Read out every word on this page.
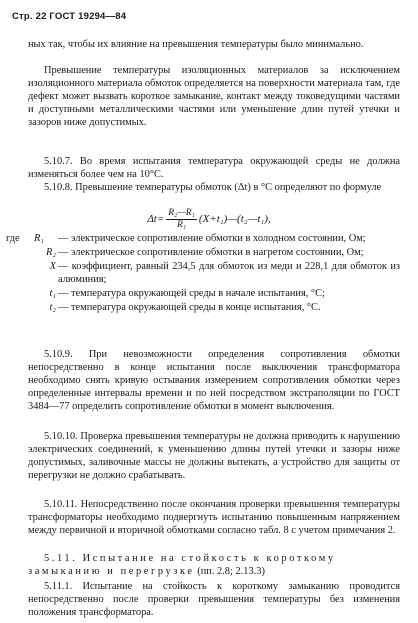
Стр. 22 ГОСТ 19294—84

ных так, чтобы их влияние на превышения температуры было минимально.

Превышение температуры изоляционных материалов за исключением изоляционного материала обмоток определяется на поверхности материала там, где дефект может вызвать короткое замыкание, контакт между токоведущими частями и доступными металлическими частями или уменьшение длин путей утечки и зазоров ниже допустимых.

5.10.7. Во время испытания температура окружающей среды не должна изменяться более чем на 10°С.

5.10.8. Превышение температуры обмоток (Δt) в °С определяют по формуле

$\Delta t= \frac{\text{R₂—R₁}}{\text{R₁}}$ (X+t₁)—(t₂—t₁),
где	R₁	— электрическое сопротивление обмотки в холодном состоянии, Ом;
R₂ — электрическое сопротивление обмотки в нагретом состоянии, Ом;
X — коэффициент, равный 234,5 для обмоток из меди и 228,1 для обмоток из алюминия;
t₁ — температура окружающей среды в начале испытания, °С;
t₂ — температура окружающей среды в конце испытания, °С.

5.10.9. При невозможности определения сопротивления обмотки непосредственно в конце испытания после выключения трансформатора необходимо снять кривую остывания измерением сопротивления обмотки через определенные интервалы времени и по ней посредством экстраполяции по ГОСТ 3484—77 определить сопротивление обмотки в момент выключения.

5.10.10. Проверка превышения температуры не должна приводить к нарушению электрических соединений, к уменьшению длины путей утечки и зазоры ниже допустимых, заливочные массы не должны вытекать, а устройство для защиты от перегрузки не должно срабатывать.

5.10.11. Непосредственно после окончания проверки превышения температуры трансформаторы необходимо подвергнуть испытанию повышенным напряжением между первичной и вторичной обмотками согласно табл. 8 с учетом примечания 2.

5.11. Испытание на стойкость к короткому

замыканию и перегрузке (пп. 2.8; 2.13.3)

5.11.1. Испытание на стойкость к короткому замыканию проводится непосредственно после проверки превышения температуры без изменения положения трансформатора.
